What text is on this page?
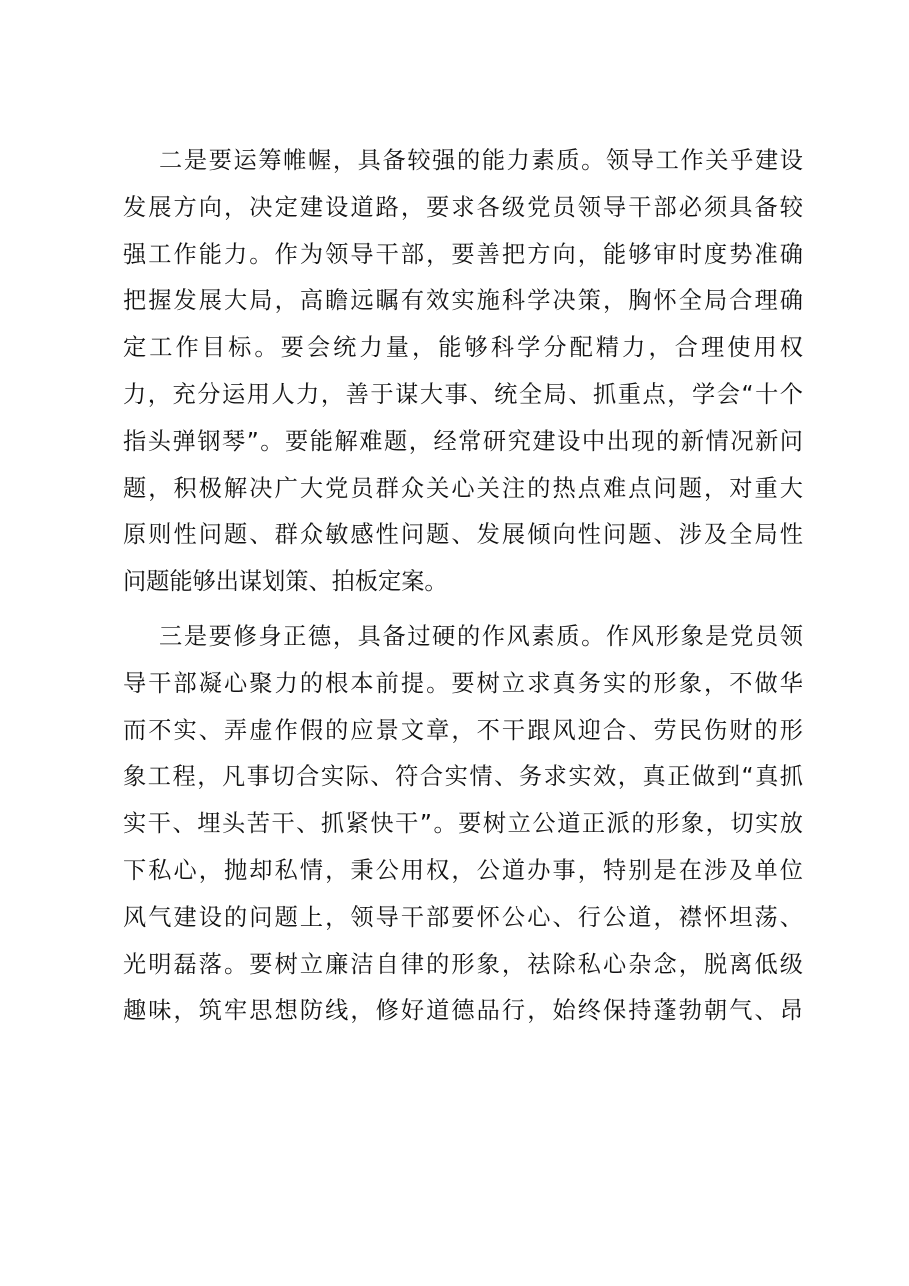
二是要运筹帷幄，具备较强的能力素质。领导工作关乎建设
发展方向，决定建设道路，要求各级党员领导干部必须具备较
强工作能力。作为领导干部，要善把方向，能够审时度势准确
把握发展大局，高瞻远瞩有效实施科学决策，胸怀全局合理确
定工作目标。要会统力量，能够科学分配精力，合理使用权
力，充分运用人力，善于谋大事、统全局、抓重点，学会“十个
指头弹钢琴”。要能解难题，经常研究建设中出现的新情况新问
题，积极解决广大党员群众关心关注的热点难点问题，对重大
原则性问题、群众敏感性问题、发展倾向性问题、涉及全局性
问题能够出谋划策、拍板定案。
三是要修身正德，具备过硬的作风素质。作风形象是党员领
导干部凝心聚力的根本前提。要树立求真务实的形象，不做华
而不实、弄虚作假的应景文章，不干跟风迎合、劳民伤财的形
象工程，凡事切合实际、符合实情、务求实效，真正做到“真抓
实干、埋头苦干、抓紧快干”。要树立公道正派的形象，切实放
下私心，抛却私情，秉公用权，公道办事，特别是在涉及单位
风气建设的问题上，领导干部要怀公心、行公道，襟怀坦荡、
光明磊落。要树立廉洁自律的形象，祛除私心杂念，脱离低级
趣味，筑牢思想防线，修好道德品行，始终保持蓬勃朝气、昂
